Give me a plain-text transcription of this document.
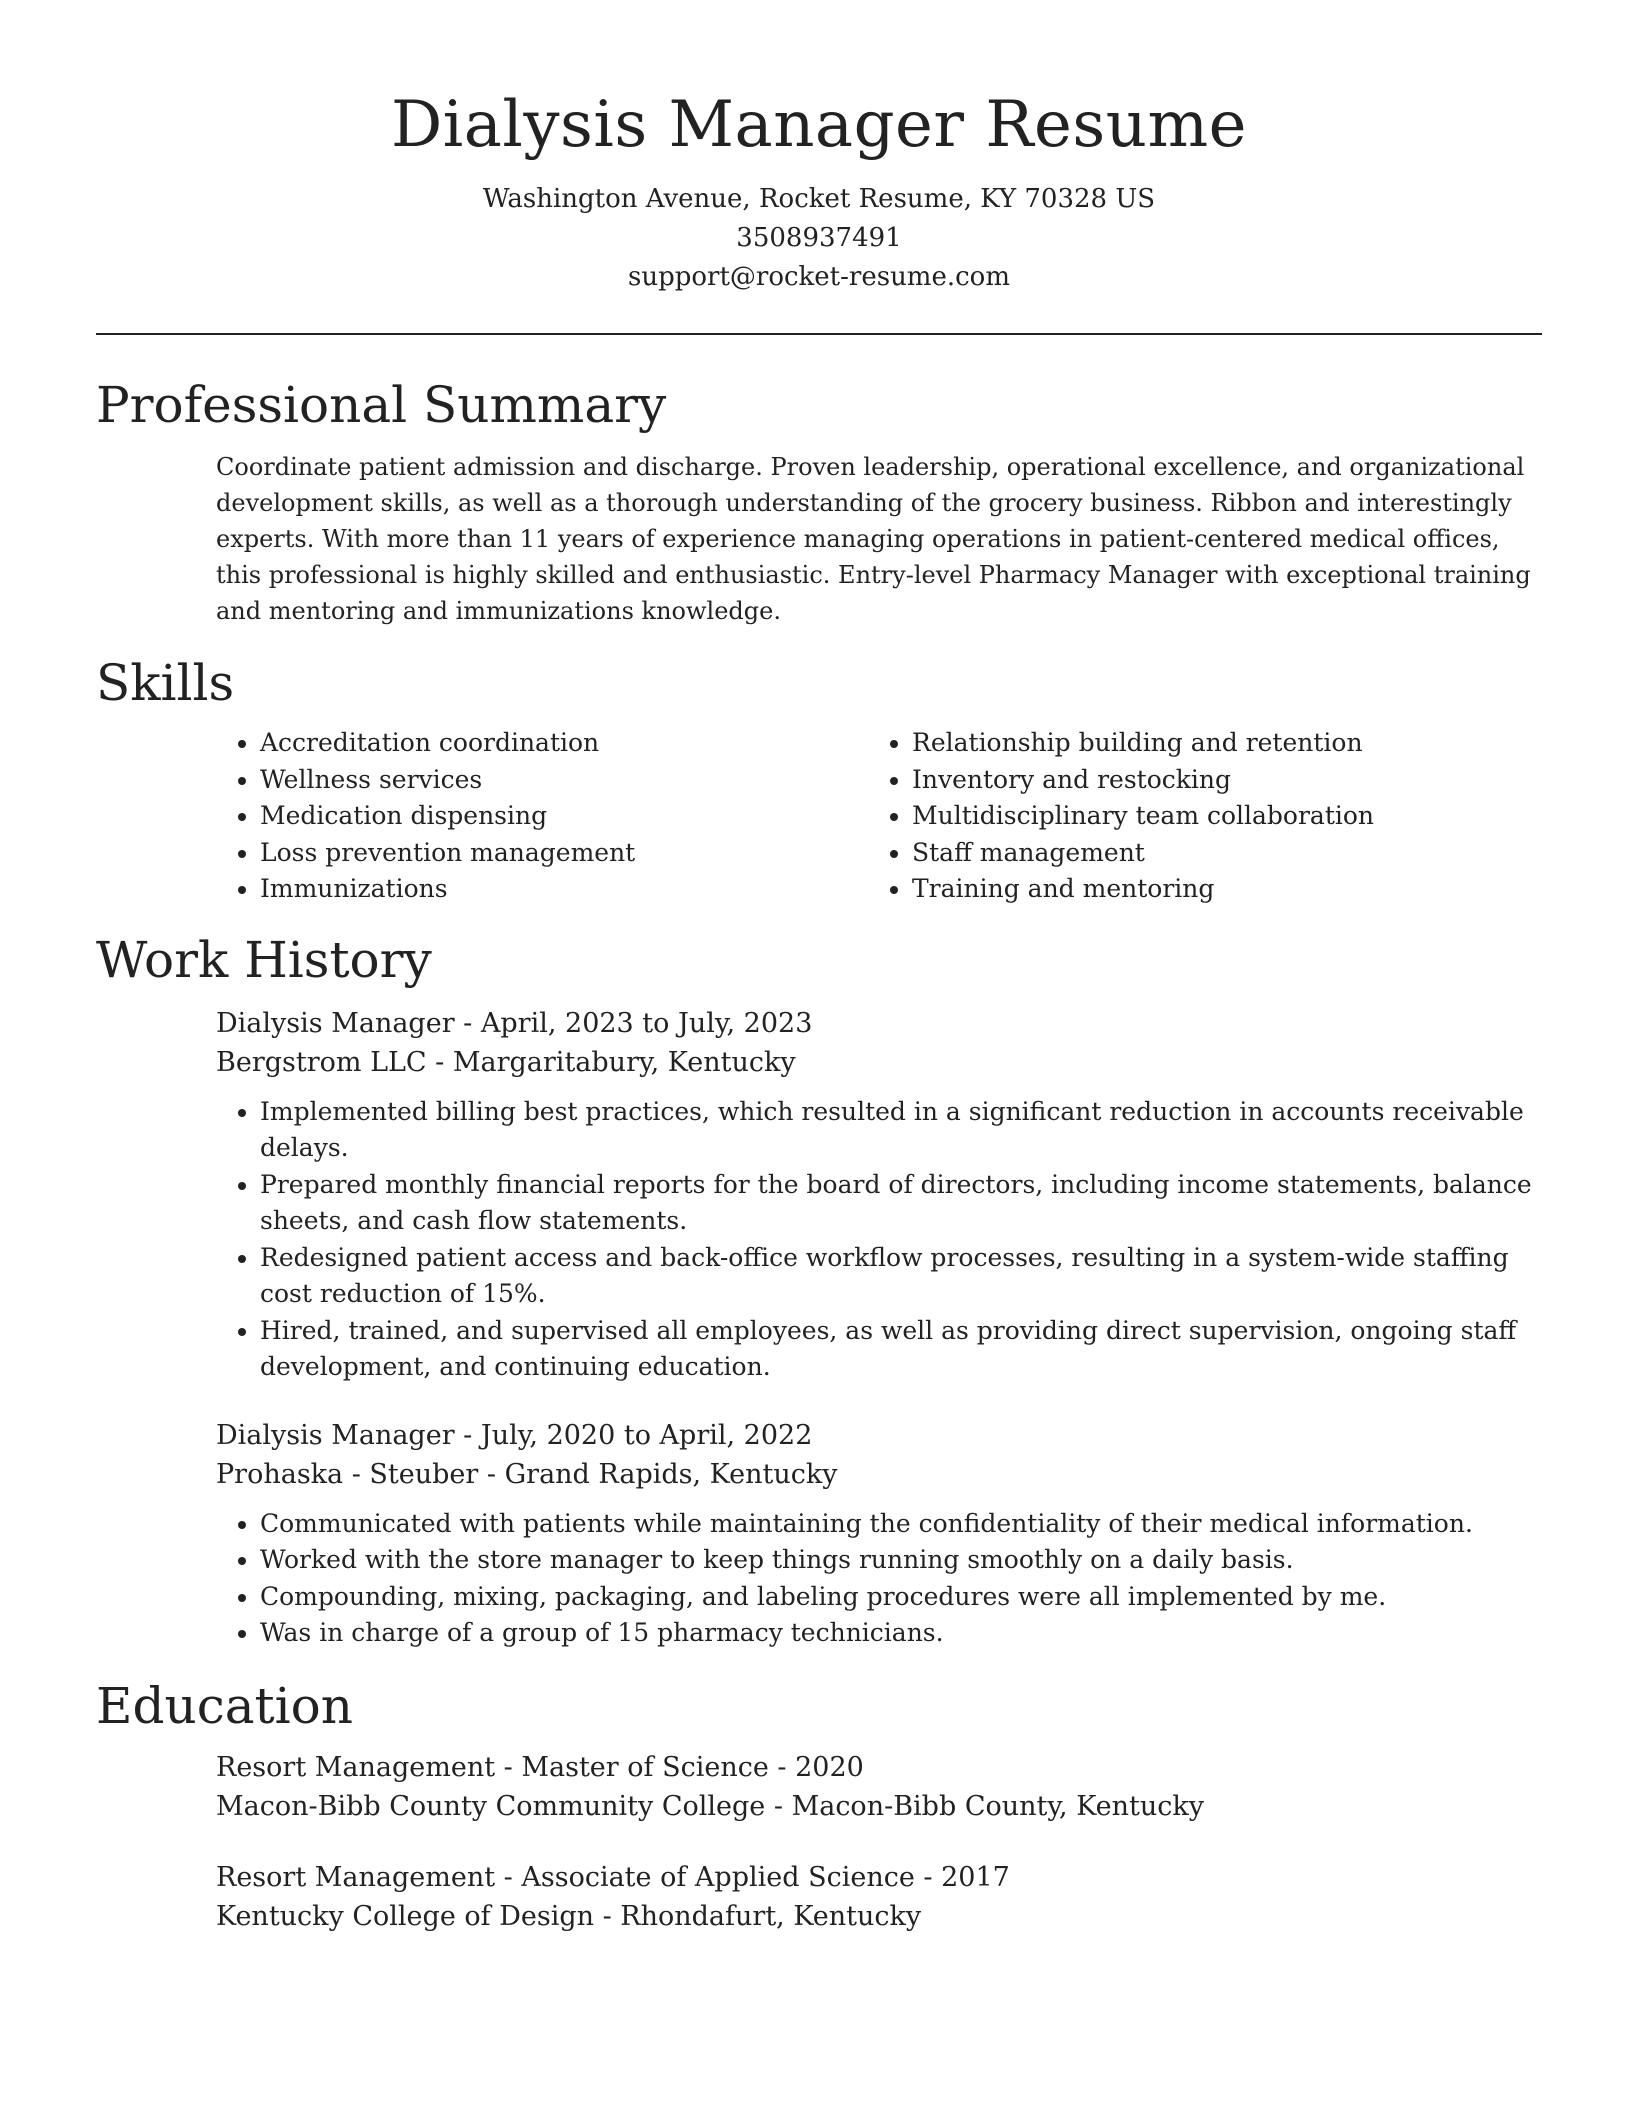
Dialysis Manager Resume
Washington Avenue, Rocket Resume, KY 70328 US
3508937491
support@rocket-resume.com
Professional Summary

Coordinate patient admission and discharge. Proven leadership, operational excellence, and organizational development skills, as well as a thorough understanding of the grocery business. Ribbon and interestingly experts. With more than 11 years of experience managing operations in patient-centered medical offices, this professional is highly skilled and enthusiastic. Entry-level Pharmacy Manager with exceptional training and mentoring and immunizations knowledge.

Skills
• Accreditation coordination
• Wellness services
• Medication dispensing
• Loss prevention management
• Immunizations
• Relationship building and retention
• Inventory and restocking
• Multidisciplinary team collaboration
• Staff management
• Training and mentoring
Work History
Dialysis Manager - April, 2023 to July, 2023
Bergstrom LLC - Margaritabury, Kentucky
• Implemented billing best practices, which resulted in a significant reduction in accounts receivable delays.
• Prepared monthly financial reports for the board of directors, including income statements, balance sheets, and cash flow statements.
• Redesigned patient access and back-office workflow processes, resulting in a system-wide staffing cost reduction of 15%.
• Hired, trained, and supervised all employees, as well as providing direct supervision, ongoing staff development, and continuing education.
Dialysis Manager - July, 2020 to April, 2022
Prohaska - Steuber - Grand Rapids, Kentucky
• Communicated with patients while maintaining the confidentiality of their medical information.
• Worked with the store manager to keep things running smoothly on a daily basis.
• Compounding, mixing, packaging, and labeling procedures were all implemented by me.
• Was in charge of a group of 15 pharmacy technicians.
Education
Resort Management - Master of Science - 2020
Macon-Bibb County Community College - Macon-Bibb County, Kentucky
Resort Management - Associate of Applied Science - 2017
Kentucky College of Design - Rhondafurt, Kentucky
